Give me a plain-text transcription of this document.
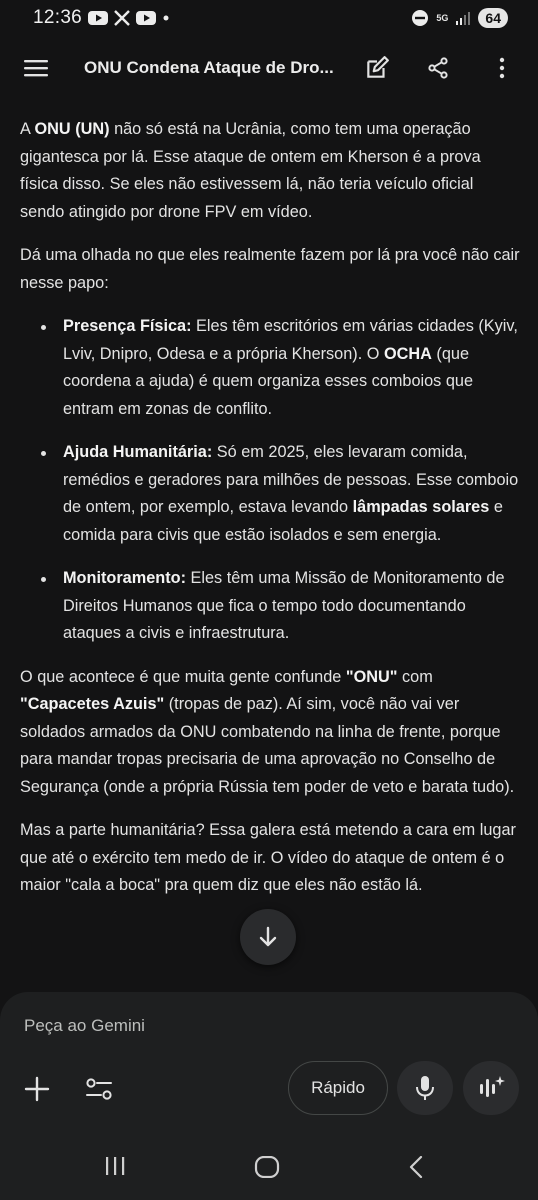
12:36	5G	64
ONU Condena Ataque de Dro...

A ONU (UN) não só está na Ucrânia, como tem uma operação gigantesca por lá. Esse ataque de ontem em Kherson é a prova física disso. Se eles não estivessem lá, não teria veículo oficial sendo atingido por drone FPV em vídeo.

Dá uma olhada no que eles realmente fazem por lá pra você não cair nesse papo:

Presença Física: Eles têm escritórios em várias cidades (Kyiv, Lviv, Dnipro, Odesa e a própria Kherson). O OCHA (que coordena a ajuda) é quem organiza esses comboios que entram em zonas de conflito.
Ajuda Humanitária: Só em 2025, eles levaram comida, remédios e geradores para milhões de pessoas. Esse comboio de ontem, por exemplo, estava levando lâmpadas solares e comida para civis que estão isolados e sem energia.
Monitoramento: Eles têm uma Missão de Monitoramento de Direitos Humanos que fica o tempo todo documentando ataques a civis e infraestrutura.

O que acontece é que muita gente confunde "ONU" com "Capacetes Azuis" (tropas de paz). Aí sim, você não vai ver soldados armados da ONU combatendo na linha de frente, porque para mandar tropas precisaria de uma aprovação no Conselho de Segurança (onde a própria Rússia tem poder de veto e barata tudo).

Mas a parte humanitária? Essa galera está metendo a cara em lugar que até o exército tem medo de ir. O vídeo do ataque de ontem é o maior "cala a boca" pra quem diz que eles não estão lá.

Peça ao Gemini
Rápido
